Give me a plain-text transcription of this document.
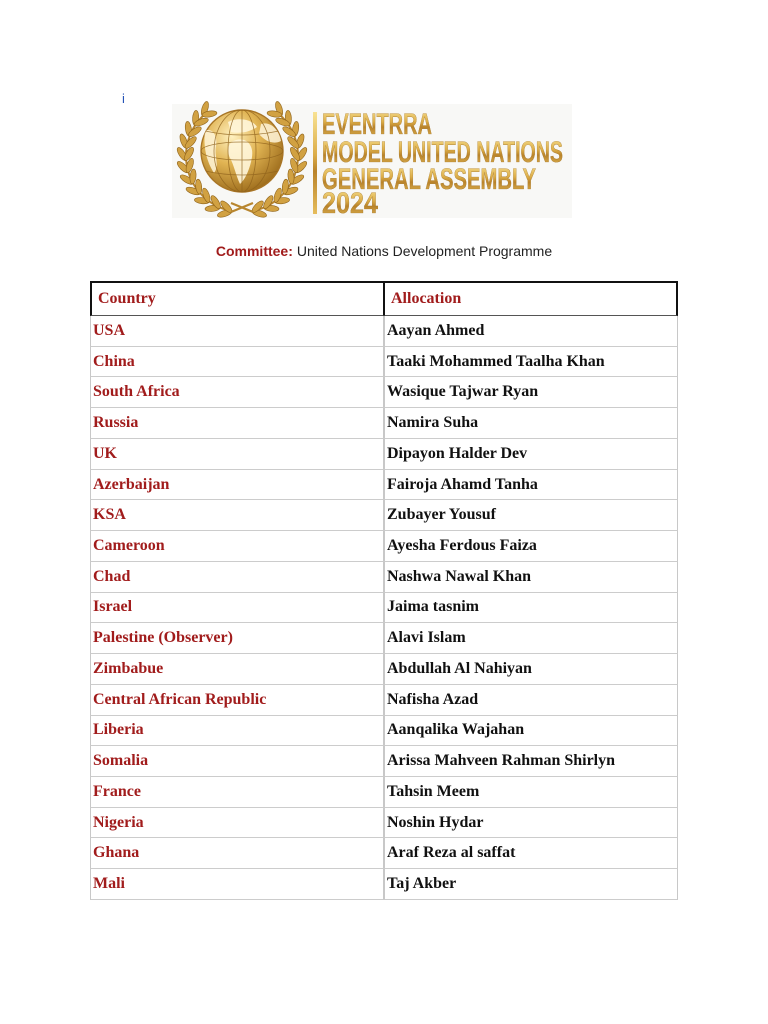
i
EVENTRRA
MODEL UNITED NATIONS
GENERAL ASSEMBLY
2024
Committee: United Nations Development Programme
Country	Allocation
USA	Aayan Ahmed
China	Taaki Mohammed Taalha Khan
South Africa	Wasique Tajwar Ryan
Russia	Namira Suha
UK	Dipayon Halder Dev
Azerbaijan	Fairoja Ahamd Tanha
KSA	Zubayer Yousuf
Cameroon	Ayesha Ferdous Faiza
Chad	Nashwa Nawal Khan
Israel	Jaima tasnim
Palestine (Observer)	Alavi Islam
Zimbabue	Abdullah Al Nahiyan
Central African Republic	Nafisha Azad
Liberia	Aanqalika Wajahan
Somalia	Arissa Mahveen Rahman Shirlyn
France	Tahsin Meem
Nigeria	Noshin Hydar
Ghana	Araf Reza al saffat
Mali	Taj Akber
